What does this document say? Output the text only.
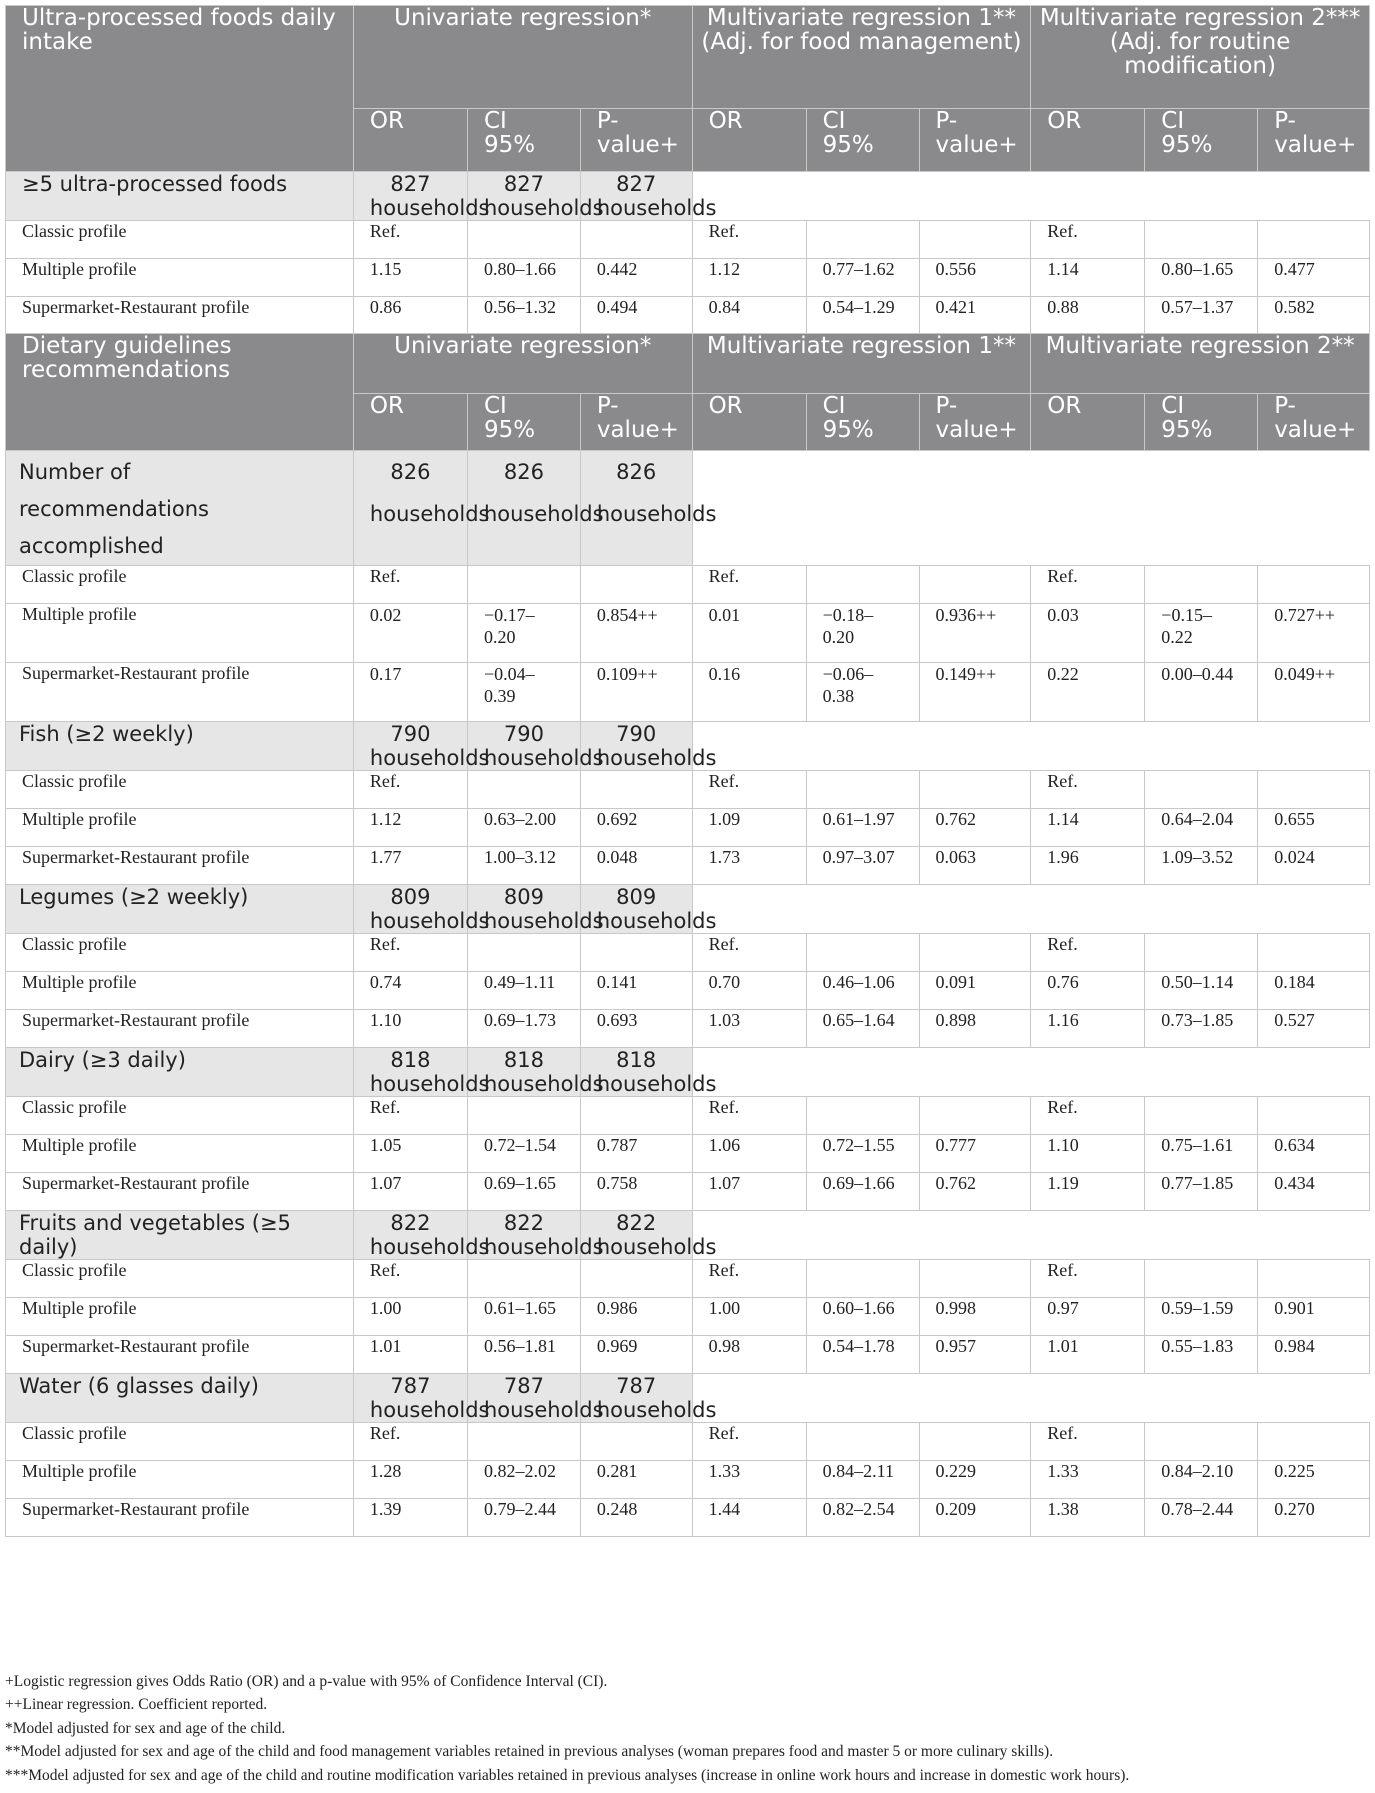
Ultra-processed foods daily intake	Univariate regression*			Multivariate regression 1** (Adj. for food management)			Multivariate regression 2*** (Adj. for routine modification)		
	OR	CI 95%	P-value+	OR	CI 95%	P-value+	OR	CI 95%	P-value+
≥5 ultra-processed foods	827 households	827 households	827 households						
Classic profile	Ref.			Ref.			Ref.		
Multiple profile	1.15	0.80–1.66	0.442	1.12	0.77–1.62	0.556	1.14	0.80–1.65	0.477
Supermarket-Restaurant profile	0.86	0.56–1.32	0.494	0.84	0.54–1.29	0.421	0.88	0.57–1.37	0.582
Dietary guidelines recommendations	Univariate regression*			Multivariate regression 1**			Multivariate regression 2**		
	OR	CI 95%	P-value+	OR	CI 95%	P-value+	OR	CI 95%	P-value+
Number of recommendations accomplished	826 households	826 households	826 households						
Classic profile	Ref.			Ref.			Ref.		
Multiple profile	0.02	−0.17–0.20	0.854++	0.01	−0.18–0.20	0.936++	0.03	−0.15–0.22	0.727++
Supermarket-Restaurant profile	0.17	−0.04–0.39	0.109++	0.16	−0.06–0.38	0.149++	0.22	0.00–0.44	0.049++
Fish (≥2 weekly)	790 households	790 households	790 households						
Classic profile	Ref.			Ref.			Ref.		
Multiple profile	1.12	0.63–2.00	0.692	1.09	0.61–1.97	0.762	1.14	0.64–2.04	0.655
Supermarket-Restaurant profile	1.77	1.00–3.12	0.048	1.73	0.97–3.07	0.063	1.96	1.09–3.52	0.024
Legumes (≥2 weekly)	809 households	809 households	809 households						
Classic profile	Ref.			Ref.			Ref.		
Multiple profile	0.74	0.49–1.11	0.141	0.70	0.46–1.06	0.091	0.76	0.50–1.14	0.184
Supermarket-Restaurant profile	1.10	0.69–1.73	0.693	1.03	0.65–1.64	0.898	1.16	0.73–1.85	0.527
Dairy (≥3 daily)	818 households	818 households	818 households						
Classic profile	Ref.			Ref.			Ref.		
Multiple profile	1.05	0.72–1.54	0.787	1.06	0.72–1.55	0.777	1.10	0.75–1.61	0.634
Supermarket-Restaurant profile	1.07	0.69–1.65	0.758	1.07	0.69–1.66	0.762	1.19	0.77–1.85	0.434
Fruits and vegetables (≥5 daily)	822 households	822 households	822 households						
Classic profile	Ref.			Ref.			Ref.		
Multiple profile	1.00	0.61–1.65	0.986	1.00	0.60–1.66	0.998	0.97	0.59–1.59	0.901
Supermarket-Restaurant profile	1.01	0.56–1.81	0.969	0.98	0.54–1.78	0.957	1.01	0.55–1.83	0.984
Water (6 glasses daily)	787 households	787 households	787 households						
Classic profile	Ref.			Ref.			Ref.		
Multiple profile	1.28	0.82–2.02	0.281	1.33	0.84–2.11	0.229	1.33	0.84–2.10	0.225
Supermarket-Restaurant profile	1.39	0.79–2.44	0.248	1.44	0.82–2.54	0.209	1.38	0.78–2.44	0.270
+Logistic regression gives Odds Ratio (OR) and a p-value with 95% of Confidence Interval (CI).
++Linear regression. Coefficient reported.
*Model adjusted for sex and age of the child.
**Model adjusted for sex and age of the child and food management variables retained in previous analyses (woman prepares food and master 5 or more culinary skills).
***Model adjusted for sex and age of the child and routine modification variables retained in previous analyses (increase in online work hours and increase in domestic work hours).
